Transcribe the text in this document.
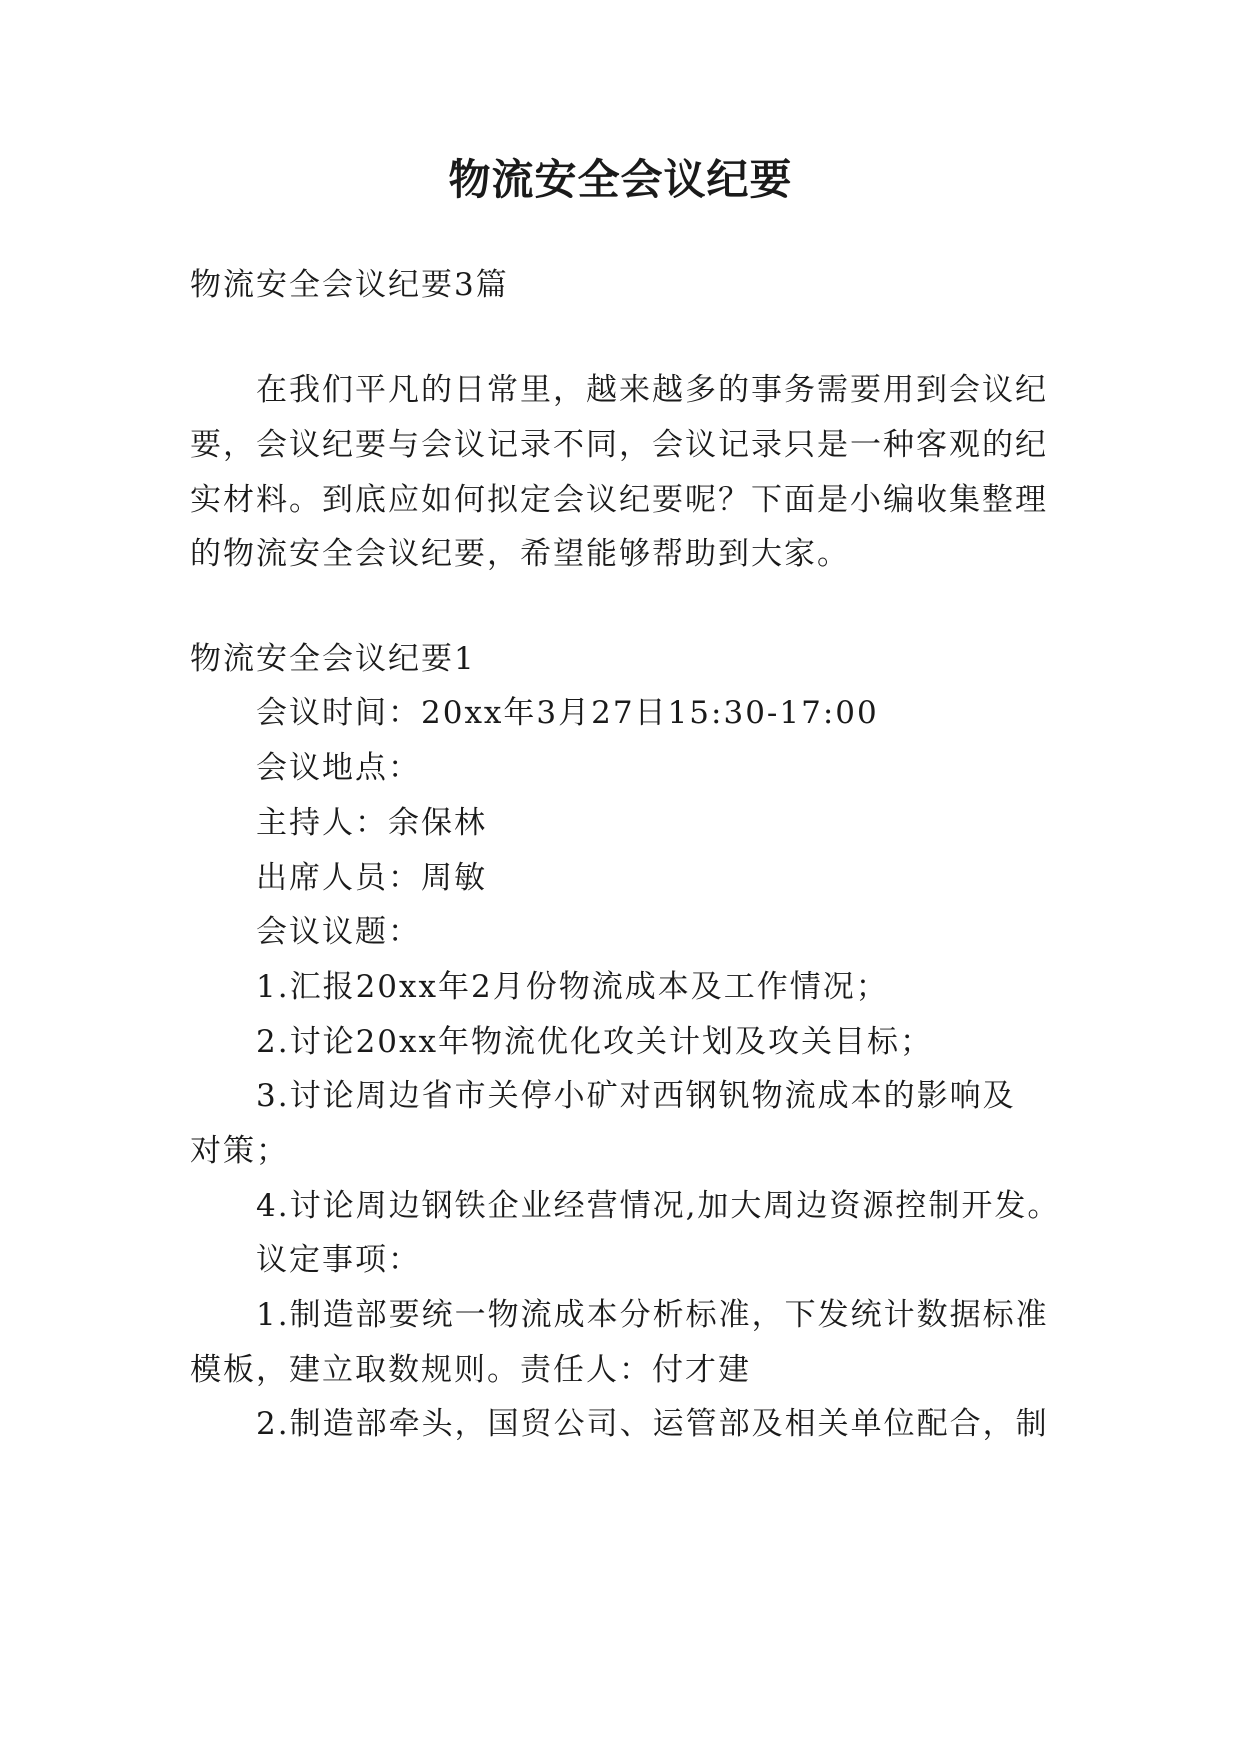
物流安全会议纪要

物流安全会议纪要3篇

在我们平凡的日常里，越来越多的事务需要用到会议纪

要，会议纪要与会议记录不同，会议记录只是一种客观的纪

实材料。到底应如何拟定会议纪要呢？下面是小编收集整理

的物流安全会议纪要，希望能够帮助到大家。

物流安全会议纪要1

会议时间：20xx年3月27日15:30-17:00

会议地点：

主持人：余保林

出席人员：周敏

会议议题：

1.汇报20xx年2月份物流成本及工作情况；

2.讨论20xx年物流优化攻关计划及攻关目标；

3.讨论周边省市关停小矿对西钢钒物流成本的影响及

对策；

4.讨论周边钢铁企业经营情况,加大周边资源控制开发。

议定事项：

1.制造部要统一物流成本分析标准，下发统计数据标准

模板，建立取数规则。责任人：付才建

2.制造部牵头，国贸公司、运管部及相关单位配合，制
